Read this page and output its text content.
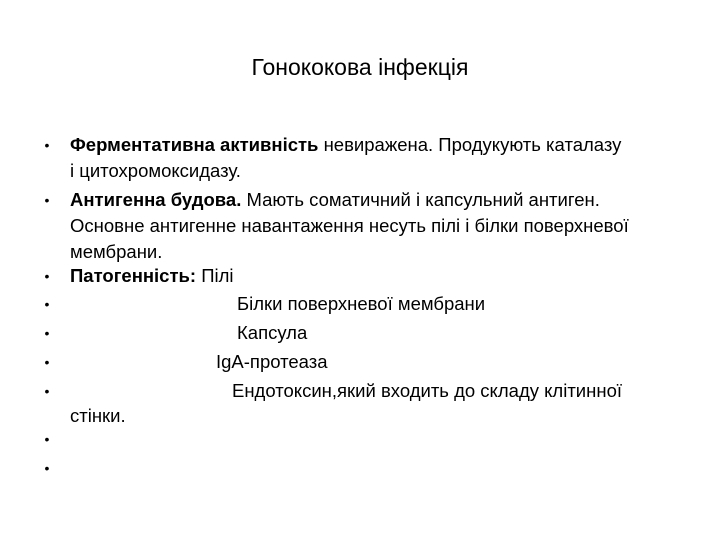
Гонококова інфекція
• Ферментативна активність невиражена. Продукують каталазу
і цитохромоксидазу.
• Антигенна будова. Мають соматичний і капсульний антиген.
Основне антигенне навантаження несуть пілі і білки поверхневої
мембрани.
• Патогенність: Пілі
•	Білки поверхневої мембрани
•	Капсула
•	IgA-протеаза
•	Ендотоксин,який входить до складу клітинної
стінки.
•
•
